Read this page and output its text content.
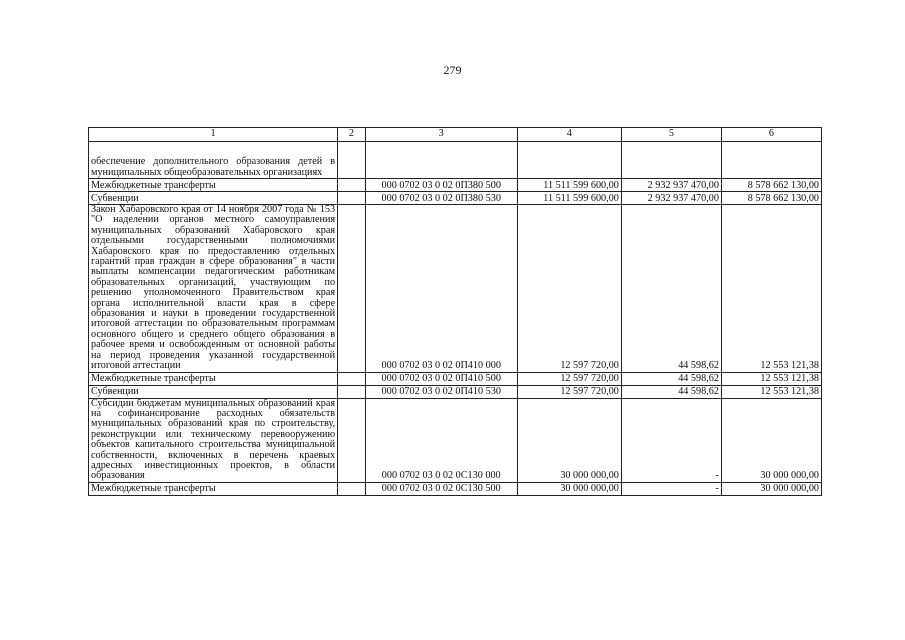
279
1	2	3	4	5	6
обеспечение дополнительного образования детей в муниципальных общеобразовательных организациях					
Межбюджетные трансферты		000 0702 03 0 02 0П380 500	11 511 599 600,00	2 932 937 470,00	8 578 662 130,00
Субвенции		000 0702 03 0 02 0П380 530	11 511 599 600,00	2 932 937 470,00	8 578 662 130,00
Закон Хабаровского края от 14 ноября 2007 года № 153 "О наделении органов местного самоуправления муниципальных образований Хабаровского края отдельными государственными полномочиями Хабаровского края по предоставлению отдельных гарантий прав граждан в сфере образования" в части выплаты компенсации педагогическим работникам образовательных организаций, участвующим по решению уполномоченного Правительством края органа исполнительной власти края в сфере образования и науки в проведении государственной итоговой аттестации по образовательным программам основного общего и среднего общего образования в рабочее время и освобожденным от основной работы на период проведения указанной государственной итоговой аттестации		000 0702 03 0 02 0П410 000	12 597 720,00	44 598,62	12 553 121,38
Межбюджетные трансферты		000 0702 03 0 02 0П410 500	12 597 720,00	44 598,62	12 553 121,38
Субвенции		000 0702 03 0 02 0П410 530	12 597 720,00	44 598,62	12 553 121,38
Субсидии бюджетам муниципальных образований края на софинансирование расходных обязательств муниципальных образований края по строительству, реконструкции или техническому перевооружению объектов капитального строительства муниципальной собственности, включенных в перечень краевых адресных инвестиционных проектов, в области образования		000 0702 03 0 02 0С130 000	30 000 000,00	-	30 000 000,00
Межбюджетные трансферты		000 0702 03 0 02 0С130 500	30 000 000,00	-	30 000 000,00
